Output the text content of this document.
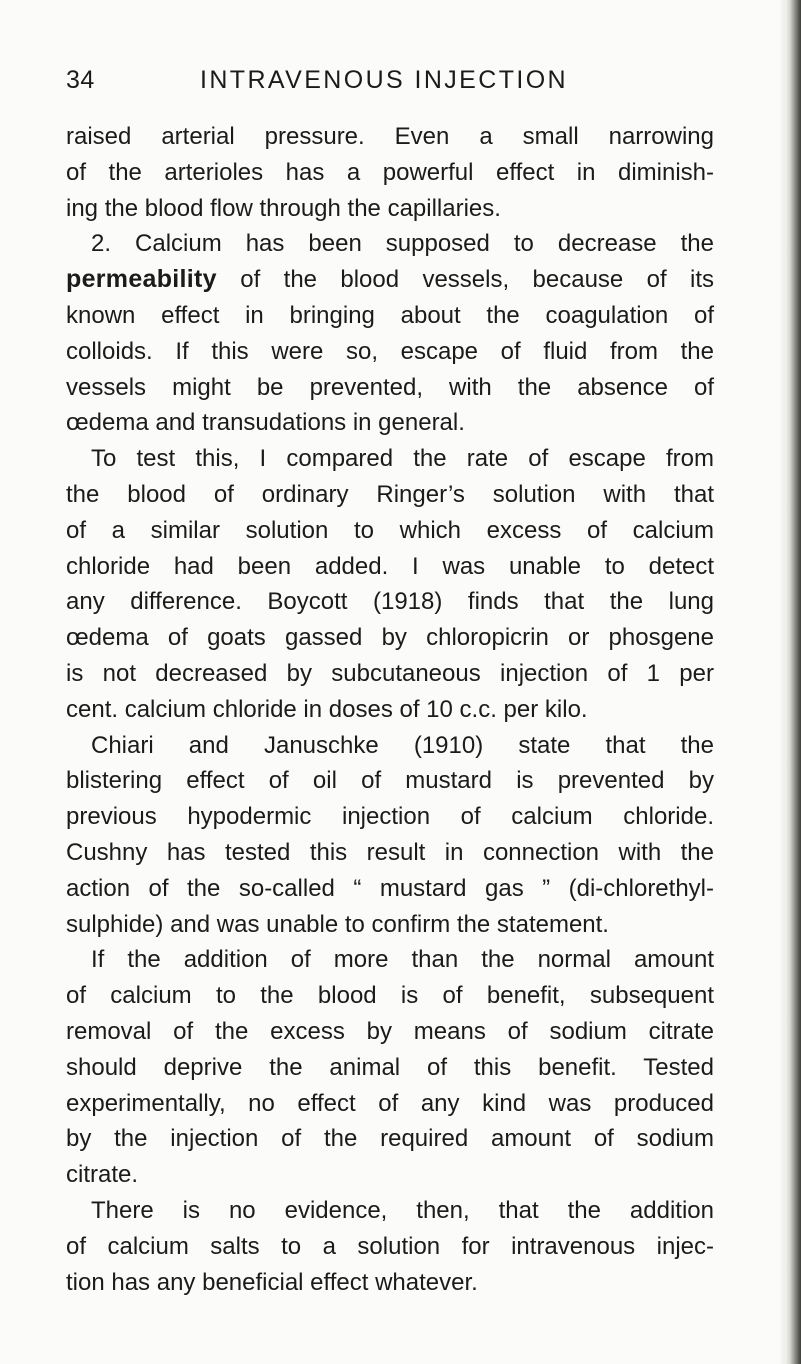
34	INTRAVENOUS INJECTION
raised arterial pressure. Even a small narrowing
of the arterioles has a powerful effect in diminish-
ing the blood flow through the capillaries.
2. Calcium has been supposed to decrease the
permeability of the blood vessels, because of its
known effect in bringing about the coagulation of
colloids. If this were so, escape of fluid from the
vessels might be prevented, with the absence of
œdema and transudations in general.
To test this, I compared the rate of escape from
the blood of ordinary Ringer’s solution with that
of a similar solution to which excess of calcium
chloride had been added. I was unable to detect
any difference. Boycott (1918) finds that the lung
œdema of goats gassed by chloropicrin or phosgene
is not decreased by subcutaneous injection of 1 per
cent. calcium chloride in doses of 10 c.c. per kilo.
Chiari and Januschke (1910) state that the
blistering effect of oil of mustard is prevented by
previous hypodermic injection of calcium chloride.
Cushny has tested this result in connection with the
action of the so-called “ mustard gas ” (di-chlorethyl-
sulphide) and was unable to confirm the statement.
If the addition of more than the normal amount
of calcium to the blood is of benefit, subsequent
removal of the excess by means of sodium citrate
should deprive the animal of this benefit. Tested
experimentally, no effect of any kind was produced
by the injection of the required amount of sodium
citrate.
There is no evidence, then, that the addition
of calcium salts to a solution for intravenous injec-
tion has any beneficial effect whatever.
